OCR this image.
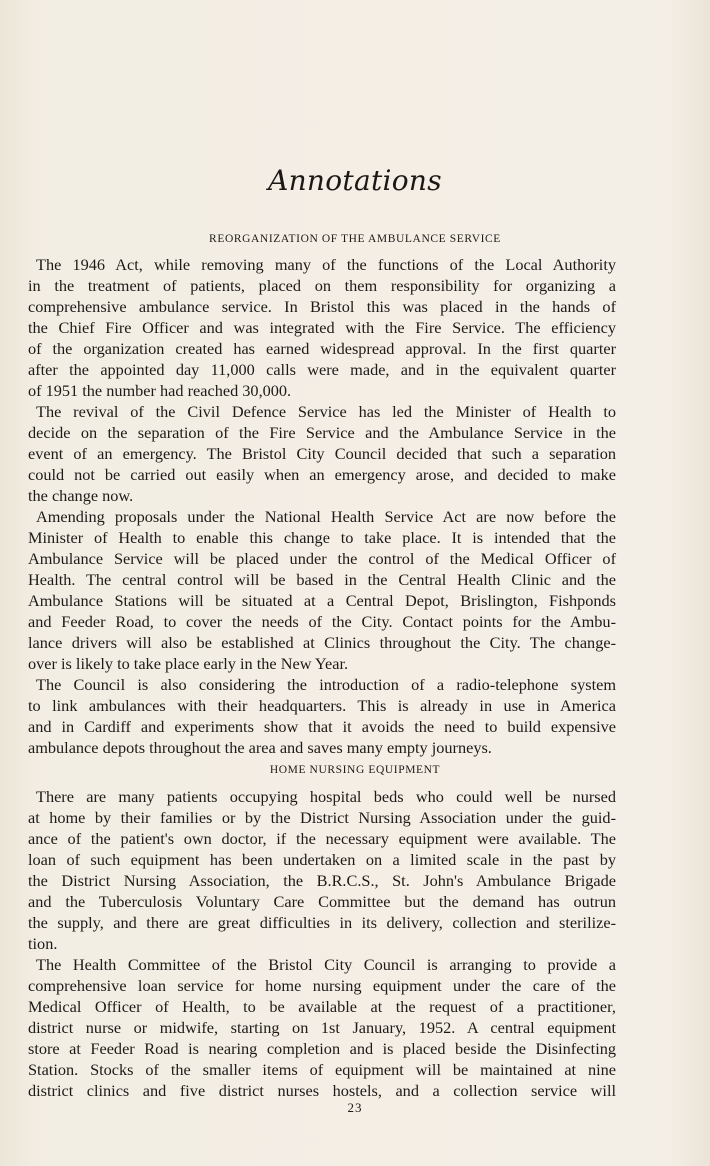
Annotations
REORGANIZATION OF THE AMBULANCE SERVICE
The 1946 Act, while removing many of the functions of the Local Authority
in the treatment of patients, placed on them responsibility for organizing a
comprehensive ambulance service. In Bristol this was placed in the hands of
the Chief Fire Officer and was integrated with the Fire Service. The efficiency
of the organization created has earned widespread approval. In the first quarter
after the appointed day 11,000 calls were made, and in the equivalent quarter
of 1951 the number had reached 30,000.
The revival of the Civil Defence Service has led the Minister of Health to
decide on the separation of the Fire Service and the Ambulance Service in the
event of an emergency. The Bristol City Council decided that such a separation
could not be carried out easily when an emergency arose, and decided to make
the change now.
Amending proposals under the National Health Service Act are now before the
Minister of Health to enable this change to take place. It is intended that the
Ambulance Service will be placed under the control of the Medical Officer of
Health. The central control will be based in the Central Health Clinic and the
Ambulance Stations will be situated at a Central Depot, Brislington, Fishponds
and Feeder Road, to cover the needs of the City. Contact points for the Ambu-
lance drivers will also be established at Clinics throughout the City. The change-
over is likely to take place early in the New Year.
The Council is also considering the introduction of a radio-telephone system
to link ambulances with their headquarters. This is already in use in America
and in Cardiff and experiments show that it avoids the need to build expensive
ambulance depots throughout the area and saves many empty journeys.
HOME NURSING EQUIPMENT
There are many patients occupying hospital beds who could well be nursed
at home by their families or by the District Nursing Association under the guid-
ance of the patient's own doctor, if the necessary equipment were available. The
loan of such equipment has been undertaken on a limited scale in the past by
the District Nursing Association, the B.R.C.S., St. John's Ambulance Brigade
and the Tuberculosis Voluntary Care Committee but the demand has outrun
the supply, and there are great difficulties in its delivery, collection and sterilize-
tion.
The Health Committee of the Bristol City Council is arranging to provide a
comprehensive loan service for home nursing equipment under the care of the
Medical Officer of Health, to be available at the request of a practitioner,
district nurse or midwife, starting on 1st January, 1952. A central equipment
store at Feeder Road is nearing completion and is placed beside the Disinfecting
Station. Stocks of the smaller items of equipment will be maintained at nine
district clinics and five district nurses hostels, and a collection service will
23
